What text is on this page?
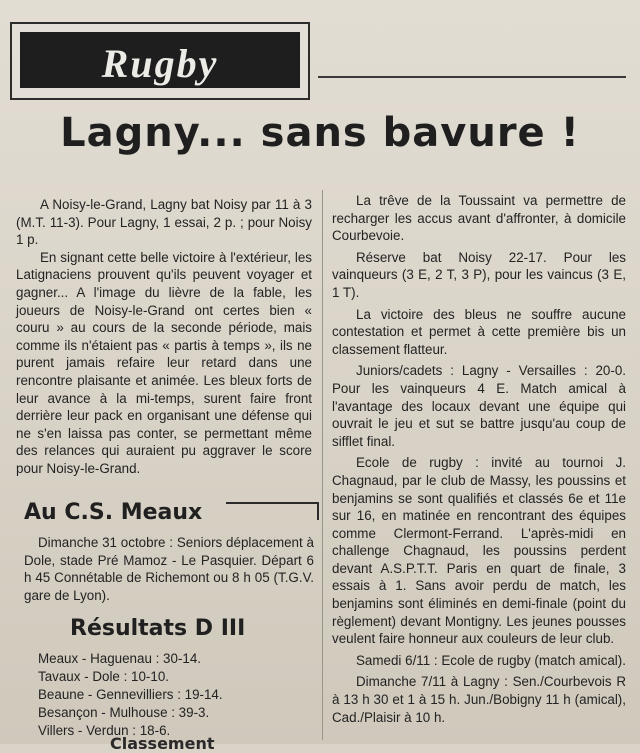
Rugby
Lagny... sans bavure !

A Noisy-le-Grand, Lagny bat Noisy par 11 à 3 (M.T. 11-3). Pour Lagny, 1 essai, 2 p. ; pour Noisy 1 p.

En signant cette belle victoire à l'extérieur, les Latignaciens prouvent qu'ils peuvent voyager et gagner... A l'image du lièvre de la fable, les joueurs de Noisy-le-Grand ont certes bien « couru » au cours de la seconde période, mais comme ils n'étaient pas « partis à temps », ils ne purent jamais refaire leur retard dans une rencontre plaisante et animée. Les bleux forts de leur avance à la mi-temps, surent faire front derrière leur pack en organisant une défense qui ne s'en laissa pas conter, se permettant même des relances qui auraient pu aggraver le score pour Noisy-le-Grand.

La trêve de la Toussaint va permettre de recharger les accus avant d'affronter, à domicile Courbevoie.

Réserve bat Noisy 22-17. Pour les vainqueurs (3 E, 2 T, 3 P), pour les vaincus (3 E, 1 T).

La victoire des bleus ne souffre aucune contestation et permet à cette première bis un classement flatteur.

Juniors/cadets : Lagny - Versailles : 20-0. Pour les vainqueurs 4 E. Match amical à l'avantage des locaux devant une équipe qui ouvrait le jeu et sut se battre jusqu'au coup de sifflet final.

Ecole de rugby : invité au tournoi J. Chagnaud, par le club de Massy, les poussins et benjamins se sont qualifiés et classés 6e et 11e sur 16, en matinée en rencontrant des équipes comme Clermont-Ferrand. L'après-midi en challenge Chagnaud, les poussins perdent devant A.S.P.T.T. Paris en quart de finale, 3 essais à 1. Sans avoir perdu de match, les benjamins sont éliminés en demi-finale (point du règlement) devant Montigny. Les jeunes pousses veulent faire honneur aux couleurs de leur club.

Samedi 6/11 : Ecole de rugby (match amical).

Dimanche 7/11 à Lagny : Sen./Courbevois R à 13 h 30 et 1 à 15 h. Jun./Bobigny 11 h (amical), Cad./Plaisir à 10 h.

Au C.S. Meaux

Dimanche 31 octobre : Seniors déplacement à Dole, stade Pré Mamoz - Le Pasquier. Départ 6 h 45 Connétable de Richemont ou 8 h 05 (T.G.V. gare de Lyon).

Résultats D III
Meaux - Haguenau : 30-14.
Tavaux - Dole : 10-10.
Beaune - Gennevilliers : 19-14.
Besançon - Mulhouse : 39-3.
Villers - Verdun : 18-6.
Classement
